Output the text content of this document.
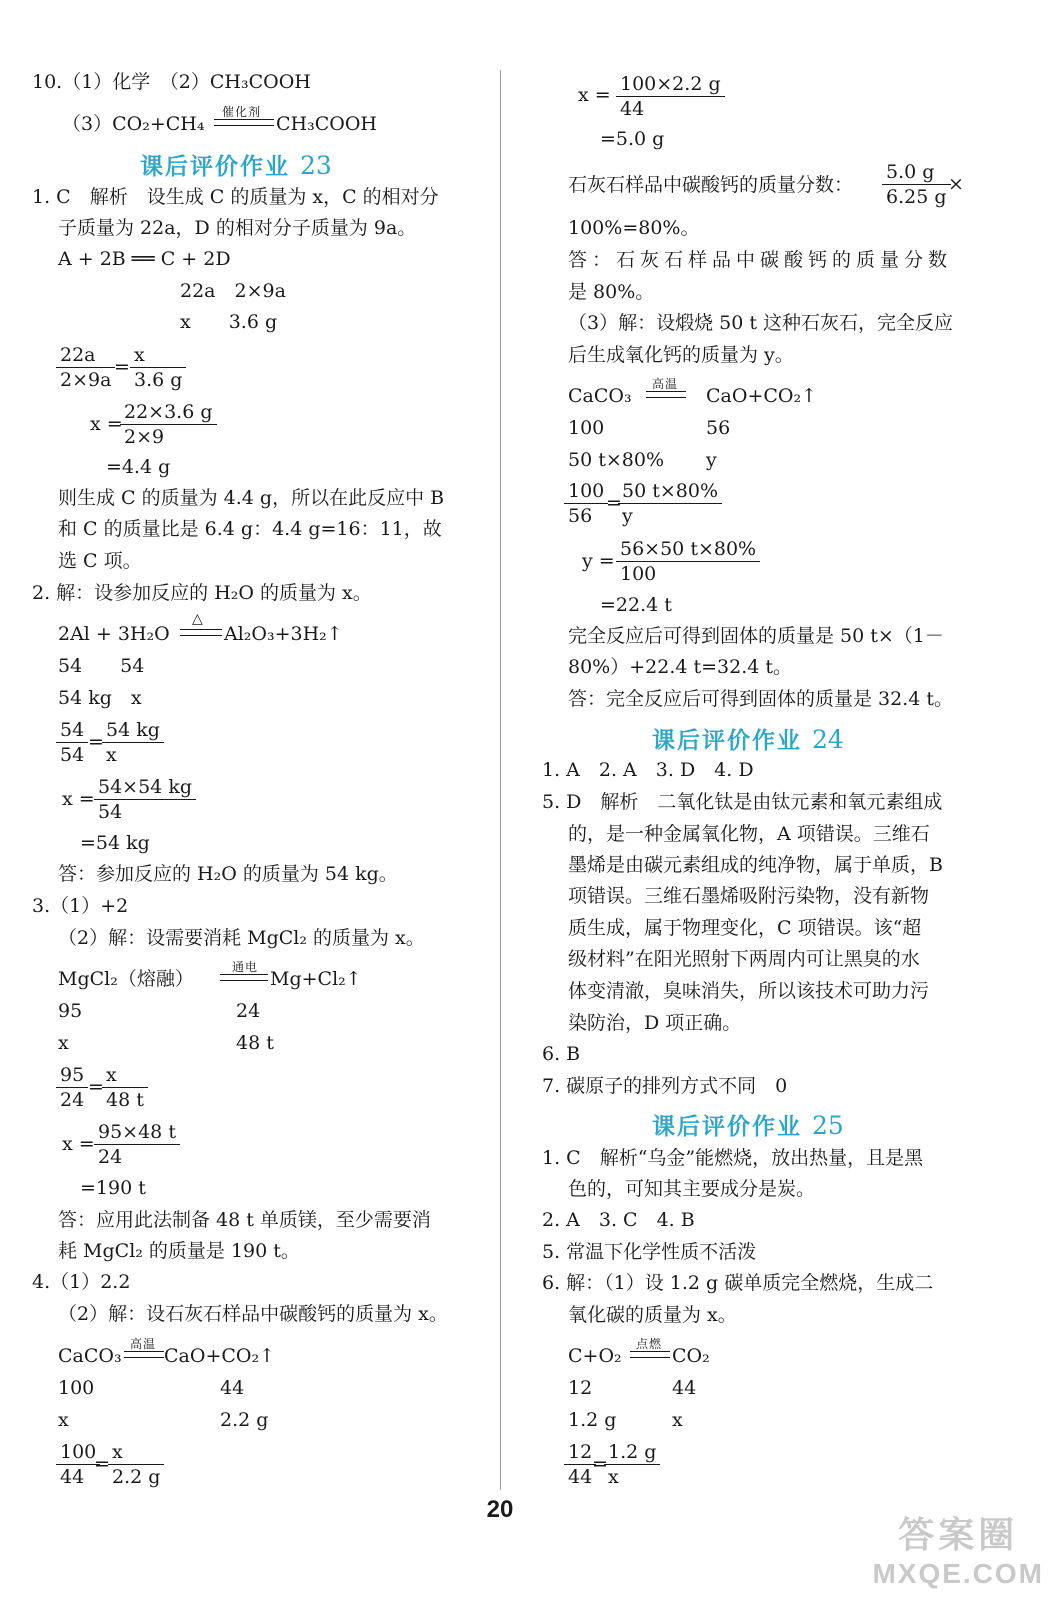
10.（1）化学　（2）CH₃COOH
（3）CO₂+CH₄
催化剂
CH₃COOH
课后评价作业 23
1. C　解析　设生成 C 的质量为 x，C 的相对分
子质量为 22a，D 的相对分子质量为 9a。
A + 2B ══ C + 2D
22a　2×9a
x　　3.6 g
$\frac{22a}{2\times 9a}$
= $\frac{x}{3.6 g}$
x =
$\frac{22\times 3.6 g}{2\times 9}$
=4.4 g
则生成 C 的质量为 4.4 g，所以在此反应中 B
和 C 的质量比是 6.4 g：4.4 g=16：11，故
选 C 项。
2. 解：设参加反应的 H₂O 的质量为 x。
2Al + 3H₂O
△
Al₂O₃+3H₂↑
54　　54
54 kg　x
$\frac{54}{54}$ =
$\frac{54 kg}{x}$
$x = \frac{54\times 54 kg}{54}$
=54 kg
答：参加反应的 H₂O 的质量为 54 kg。
3.（1）+2
（2）解：设需要消耗 MgCl₂ 的质量为 x。
MgCl₂（熔融）
通电
Mg+Cl₂↑
95	24
x	48 t
$\frac{95}{24}$ =
$\frac{x}{48 t}$
$x = \frac{95\times 48 t}{24}$
=190 t
答：应用此法制备 48 t 单质镁，至少需要消
耗 MgCl₂ 的质量是 190 t。
4.（1）2.2
（2）解：设石灰石样品中碳酸钙的质量为 x。
CaCO₃
高温
CaO+CO₂↑
100	44
x	2.2 g
$\frac{100}{44}$
=
$\frac{x}{2.2 g}$
$x = \frac{100\times 2.2 g}{44}$
=5.0 g
石灰石样品中碳酸钙的质量分数： $\frac{5.0 g}{6.25 g}$
×
100%=80%。
答：石灰石样品中碳酸钙的质量分数
是 80%。
（3）解：设煅烧 50 t 这种石灰石，完全反应
后生成氧化钙的质量为 y。
CaCO₃
高温
CaO+CO₂↑
100	56
50 t×80% y
$\frac{100}{56}$
=
$\frac{50 t\times 80\%}{y}$
$y = \frac{56\times 50 t\times 80\%}{100}$
=22.4 t
完全反应后可得到固体的质量是 50 t×（1－
80%）+22.4 t=32.4 t。
答：完全反应后可得到固体的质量是 32.4 t。
课后评价作业 24
1. A　2. A　3. D　4. D
5. D　解析　二氧化钛是由钛元素和氧元素组成
的，是一种金属氧化物，A 项错误。三维石
墨烯是由碳元素组成的纯净物，属于单质，B
项错误。三维石墨烯吸附污染物，没有新物
质生成，属于物理变化，C 项错误。该“超
级材料”在阳光照射下两周内可让黑臭的水
体变清澈，臭味消失，所以该技术可助力污
染防治，D 项正确。
6. B
7. 碳原子的排列方式不同　0
课后评价作业 25
1. C　解析“乌金”能燃烧，放出热量，且是黑
色的，可知其主要成分是炭。
2. A　3. C　4. B
5. 常温下化学性质不活泼
6. 解：（1）设 1.2 g 碳单质完全燃烧，生成二
氧化碳的质量为 x。
C+O₂
点燃
CO₂
12	44
1.2 g	x
$\frac{12}{44}$
=
$\frac{1.2 g}{x}$
20
答案圈
MXQE.COM
